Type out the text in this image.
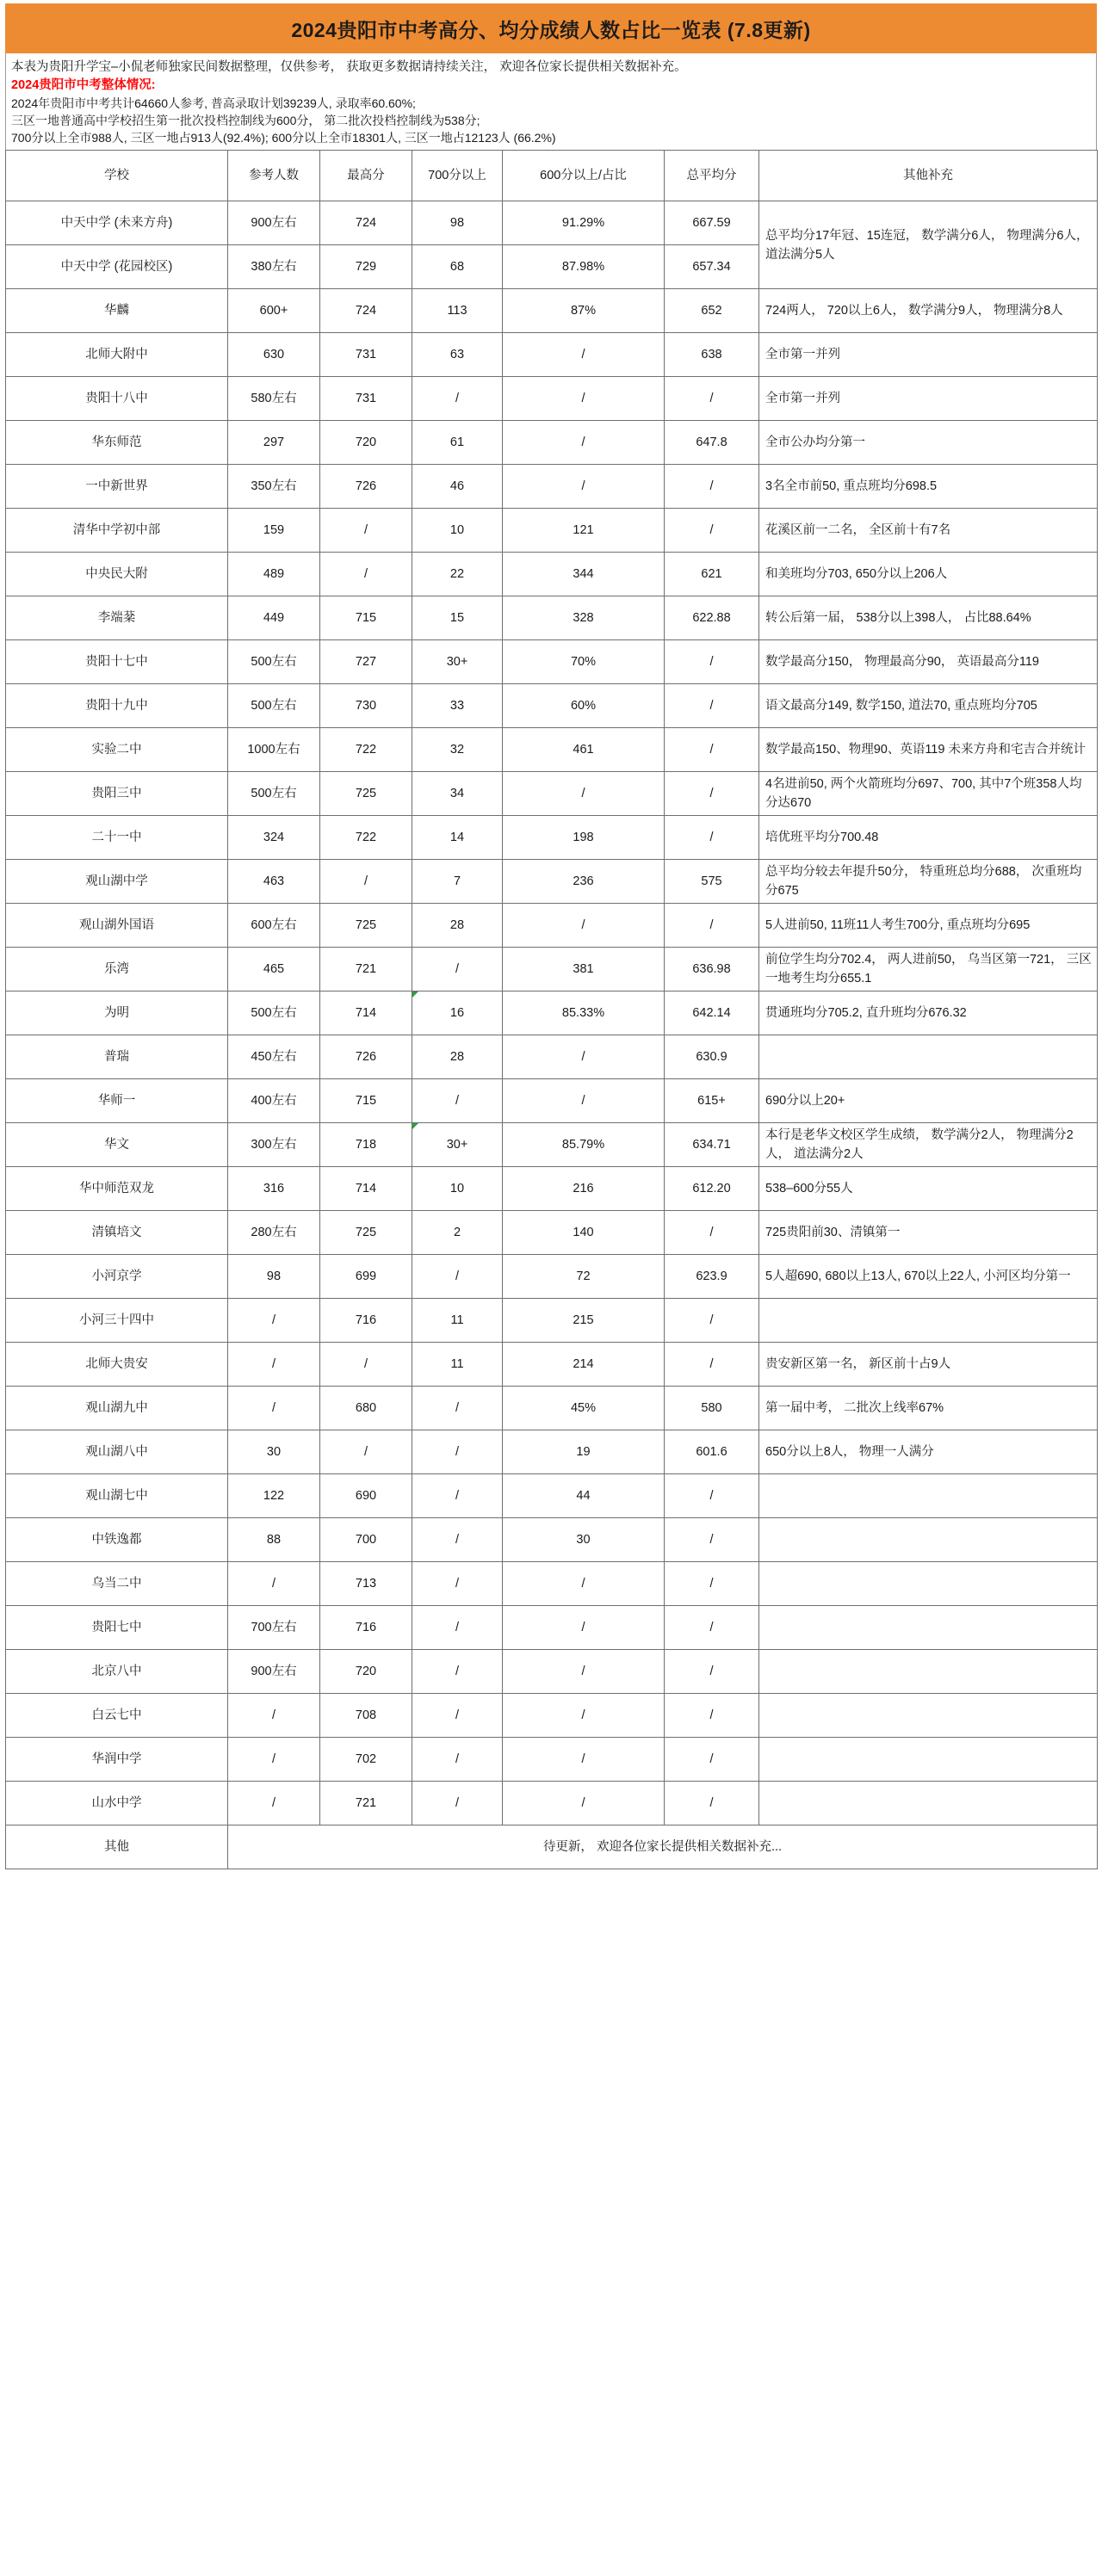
2024贵阳市中考高分、均分成绩人数占比一览表 (7.8更新)
本表为贵阳升学宝–小侃老师独家民间数据整理，仅供参考， 获取更多数据请持续关注， 欢迎各位家长提供相关数据补充。
2024贵阳市中考整体情况:
2024年贵阳市中考共计64660人参考, 普高录取计划39239人, 录取率60.60%;
三区一地普通高中学校招生第一批次投档控制线为600分， 第二批次投档控制线为538分;
700分以上全市988人, 三区一地占913人(92.4%); 600分以上全市18301人, 三区一地占12123人 (66.2%)
学校	参考人数	最高分	700分以上	600分以上/占比	总平均分	其他补充
中天中学 (未来方舟)	900左右	724	98	91.29%	667.59	总平均分17年冠、15连冠， 数学满分6人， 物理满分6人， 道法满分5人
中天中学 (花园校区)	380左右	729	68	87.98%	657.34	
华麟	600+	724	113	87%	652	724两人， 720以上6人， 数学满分9人， 物理满分8人
北师大附中	630	731	63	/	638	全市第一并列
贵阳十八中	580左右	731	/	/	/	全市第一并列
华东师范	297	720	61	/	647.8	全市公办均分第一
一中新世界	350左右	726	46	/	/	3名全市前50, 重点班均分698.5
清华中学初中部	159	/	10	121	/	花溪区前一二名， 全区前十有7名
中央民大附	489	/	22	344	621	和美班均分703, 650分以上206人
李端棻	449	715	15	328	622.88	转公后第一届， 538分以上398人， 占比88.64%
贵阳十七中	500左右	727	30+	70%	/	数学最高分150， 物理最高分90， 英语最高分119
贵阳十九中	500左右	730	33	60%	/	语文最高分149, 数学150, 道法70, 重点班均分705
实验二中	1000左右	722	32	461	/	数学最高150、物理90、英语119 未来方舟和宅吉合并统计
贵阳三中	500左右	725	34	/	/	4名进前50, 两个火箭班均分697、700, 其中7个班358人均分达670
二十一中	324	722	14	198	/	培优班平均分700.48
观山湖中学	463	/	7	236	575	总平均分较去年提升50分， 特重班总均分688， 次重班均分675
观山湖外国语	600左右	725	28	/	/	5人进前50, 11班11人考生700分, 重点班均分695
乐湾	465	721	/	381	636.98	前位学生均分702.4， 两人进前50， 乌当区第一721， 三区一地考生均分655.1
为明	500左右	714	16	85.33%	642.14	贯通班均分705.2, 直升班均分676.32
普瑞	450左右	726	28	/	630.9	
华师一	400左右	715	/	/	615+	690分以上20+
华文	300左右	718	30+	85.79%	634.71	本行是老华文校区学生成绩， 数学满分2人， 物理满分2人， 道法满分2人
华中师范双龙	316	714	10	216	612.20	538–600分55人
清镇培文	280左右	725	2	140	/	725贵阳前30、清镇第一
小河京学	98	699	/	72	623.9	5人超690, 680以上13人, 670以上22人, 小河区均分第一
小河三十四中	/	716	11	215	/	
北师大贵安	/	/	11	214	/	贵安新区第一名， 新区前十占9人
观山湖九中	/	680	/	45%	580	第一届中考， 二批次上线率67%
观山湖八中	30	/	/	19	601.6	650分以上8人， 物理一人满分
观山湖七中	122	690	/	44	/	
中铁逸都	88	700	/	30	/	
乌当二中	/	713	/	/	/	
贵阳七中	700左右	716	/	/	/	
北京八中	900左右	720	/	/	/	
白云七中	/	708	/	/	/	
华润中学	/	702	/	/	/	
山水中学	/	721	/	/	/	
其他	待更新， 欢迎各位家长提供相关数据补充...					
